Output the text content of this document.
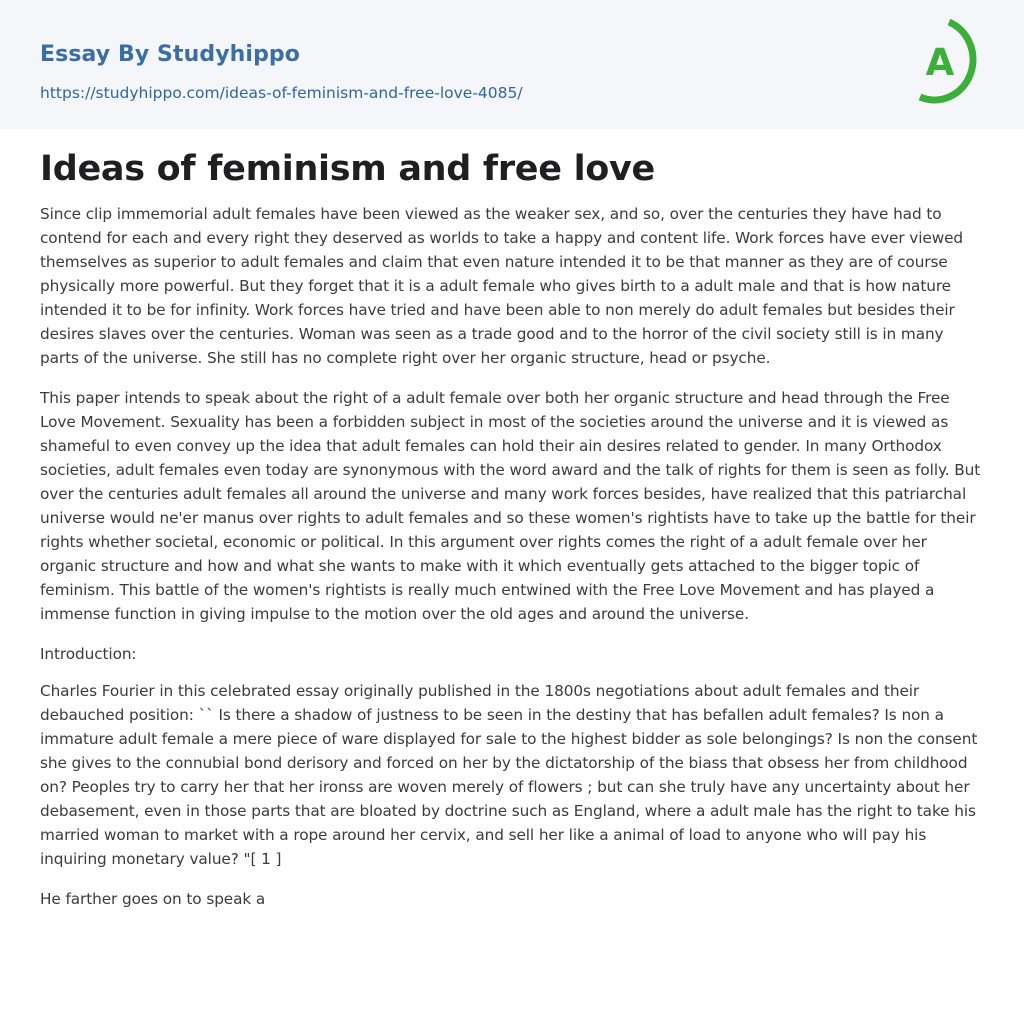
Essay By Studyhippo
https://studyhippo.com/ideas-of-feminism-and-free-love-4085/
A
Ideas of feminism and free love

Since clip immemorial adult females have been viewed as the weaker sex, and so, over the centuries they have had to contend for each and every right they deserved as worlds to take a happy and content life. Work forces have ever viewed themselves as superior to adult females and claim that even nature intended it to be that manner as they are of course physically more powerful. But they forget that it is a adult female who gives birth to a adult male and that is how nature intended it to be for infinity. Work forces have tried and have been able to non merely do adult females but besides their desires slaves over the centuries. Woman was seen as a trade good and to the horror of the civil society still is in many parts of the universe. She still has no complete right over her organic structure, head or psyche.

This paper intends to speak about the right of a adult female over both her organic structure and head through the Free Love Movement. Sexuality has been a forbidden subject in most of the societies around the universe and it is viewed as shameful to even convey up the idea that adult females can hold their ain desires related to gender. In many Orthodox societies, adult females even today are synonymous with the word award and the talk of rights for them is seen as folly. But over the centuries adult females all around the universe and many work forces besides, have realized that this patriarchal universe would ne'er manus over rights to adult females and so these women's rightists have to take up the battle for their rights whether societal, economic or political. In this argument over rights comes the right of a adult female over her organic structure and how and what she wants to make with it which eventually gets attached to the bigger topic of feminism. This battle of the women's rightists is really much entwined with the Free Love Movement and has played a immense function in giving impulse to the motion over the old ages and around the universe.

Introduction:

Charles Fourier in this celebrated essay originally published in the 1800s negotiations about adult females and their debauched position: `` Is there a shadow of justness to be seen in the destiny that has befallen adult females? Is non a immature adult female a mere piece of ware displayed for sale to the highest bidder as sole belongings? Is non the consent she gives to the connubial bond derisory and forced on her by the dictatorship of the biass that obsess her from childhood on? Peoples try to carry her that her ironss are woven merely of flowers ; but can she truly have any uncertainty about her debasement, even in those parts that are bloated by doctrine such as England, where a adult male has the right to take his married woman to market with a rope around her cervix, and sell her like a animal of load to anyone who will pay his inquiring monetary value? "[ 1 ]

He farther goes on to speak a
